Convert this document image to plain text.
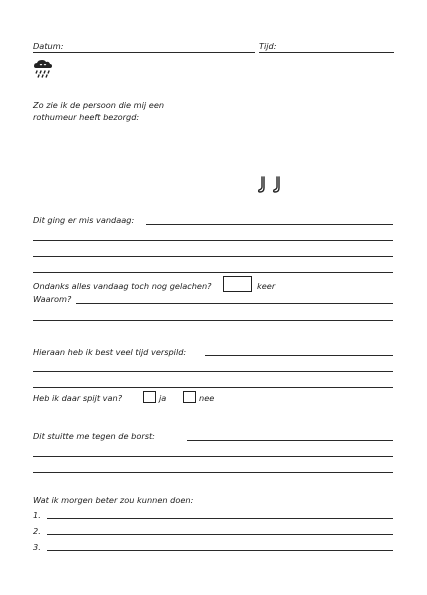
Datum:	Tijd:
Zo zie ik de persoon die mij een
rothumeur heeft bezorgd:
Dit ging er mis vandaag:
Ondanks alles vandaag toch nog gelachen?	keer
Waarom?
Hieraan heb ik best veel tijd verspild:
Heb ik daar spijt van?	ja	nee
Dit stuitte me tegen de borst:
Wat ik morgen beter zou kunnen doen:
1.
2.
3.
